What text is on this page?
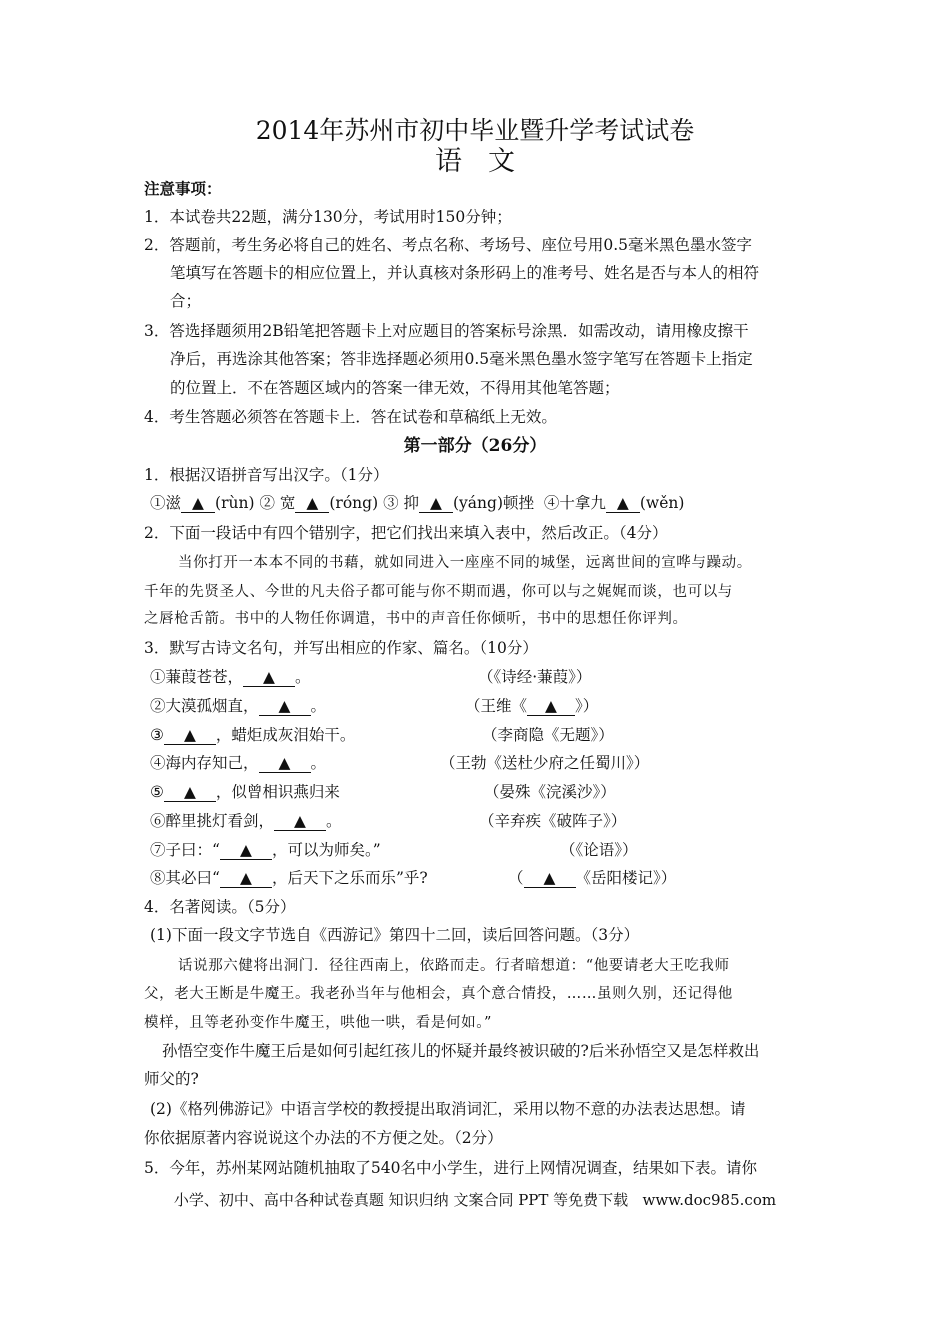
2014年苏州市初中毕业暨升学考试试卷
语文
注意事项：
1．本试卷共22题，满分130分，考试用时150分钟；
2．答题前，考生务必将自己的姓名、考点名称、考场号、座位号用0.5毫米黑色墨水签字
笔填写在答题卡的相应位置上，并认真核对条形码上的准考号、姓名是否与本人的相符
合；
3．答选择题须用2B铅笔把答题卡上对应题目的答案标号涂黑．如需改动，请用橡皮擦干
净后，再选涂其他答案；答非选择题必须用0.5毫米黑色墨水签字笔写在答题卡上指定
的位置上．不在答题区域内的答案一律无效，不得用其他笔答题；
4．考生答题必须答在答题卡上．答在试卷和草稿纸上无效。
第一部分（26分）
1．根据汉语拼音写出汉字。（1分）
①滋 ▲ (rùn) ② 宽 ▲ (róng) ③ 抑 ▲ (yáng)顿挫 ④十拿九 ▲ (wěn)
2．下面一段话中有四个错别字，把它们找出来填入表中，然后改正。（4分）
当你打开一本本不同的书藉，就如同进入一座座不同的城堡，远离世间的宣哗与躁动。
千年的先贤圣人、今世的凡夫俗子都可能与你不期而遇，你可以与之娓娓而谈，也可以与
之唇枪舌箭。书中的人物任你调遣，书中的声音任你倾听，书中的思想任你评判。
3．默写古诗文名句，并写出相应的作家、篇名。（10分）
①蒹葭苍苍， ▲ 。	（《诗经·蒹葭》）
②大漠孤烟直， ▲ 。	（王维《 ▲ 》）
③ ▲ ，蜡炬成灰泪始干。	（李商隐《无题》）
④海内存知己， ▲ 。	（王勃《送杜少府之任蜀川》）
⑤ ▲ ，似曾相识燕归来	（晏殊《浣溪沙》）
⑥醉里挑灯看剑， ▲ 。	（辛弃疾《破阵子》）
⑦子曰：“ ▲ ，可以为师矣。”	（《论语》）
⑧其必曰“ ▲ ，后天下之乐而乐”乎?	（ ▲ 《岳阳楼记》）
4．名著阅读。（5分）
(1)下面一段文字节选自《西游记》第四十二回，读后回答问题。（3分）
话说那六健将出洞门．径往西南上，依路而走。行者暗想道：“他要请老大王吃我师
父，老大王断是牛魔王。我老孙当年与他相会，真个意合情投，……虽则久别，还记得他
模样，且等老孙变作牛魔王，哄他一哄，看是何如。”
孙悟空变作牛魔王后是如何引起红孩儿的怀疑并最终被识破的?后米孙悟空又是怎样救出
师父的?
(2)《格列佛游记》中语言学校的教授提出取消词汇，采用以物不意的办法表达思想。请
你依据原著内容说说这个办法的不方便之处。（2分）
5．今年，苏州某网站随机抽取了540名中小学生，进行上网情况调查，结果如下表。请你
小学、初中、高中各种试卷真题 知识归纳 文案合同 PPT 等免费下载   www.doc985.com
